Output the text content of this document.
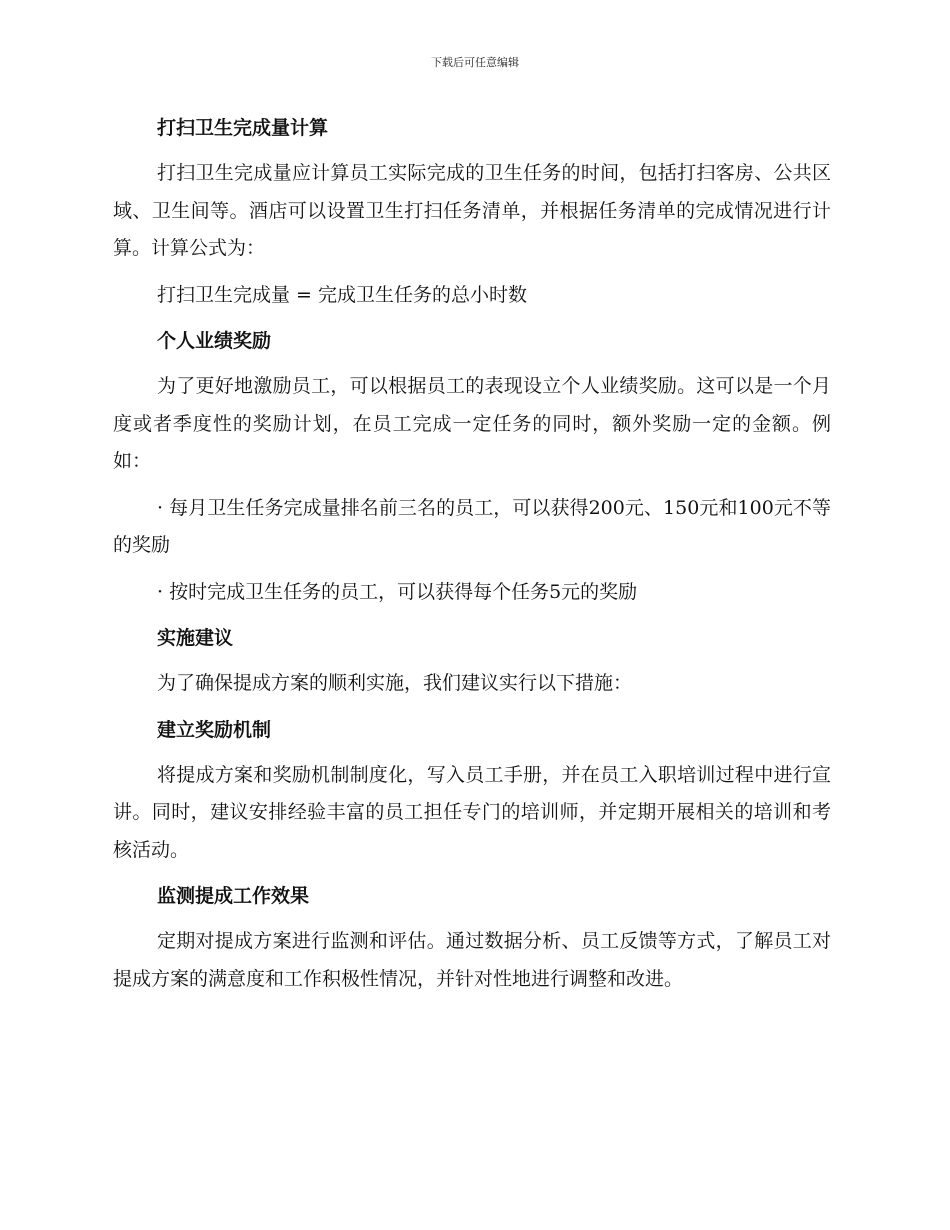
下载后可任意编辑
打扫卫生完成量计算
打扫卫生完成量应计算员工实际完成的卫生任务的时间，包括打扫客房、公共区域、卫生间等。酒店可以设置卫生打扫任务清单，并根据任务清单的完成情况进行计算。计算公式为：
打扫卫生完成量 = 完成卫生任务的总小时数
个人业绩奖励
为了更好地激励员工，可以根据员工的表现设立个人业绩奖励。这可以是一个月度或者季度性的奖励计划，在员工完成一定任务的同时，额外奖励一定的金额。例如：
· 每月卫生任务完成量排名前三名的员工，可以获得200元、150元和100元不等的奖励
· 按时完成卫生任务的员工，可以获得每个任务5元的奖励
实施建议
为了确保提成方案的顺利实施，我们建议实行以下措施：
建立奖励机制
将提成方案和奖励机制制度化，写入员工手册，并在员工入职培训过程中进行宣讲。同时，建议安排经验丰富的员工担任专门的培训师，并定期开展相关的培训和考核活动。
监测提成工作效果
定期对提成方案进行监测和评估。通过数据分析、员工反馈等方式，了解员工对提成方案的满意度和工作积极性情况，并针对性地进行调整和改进。
